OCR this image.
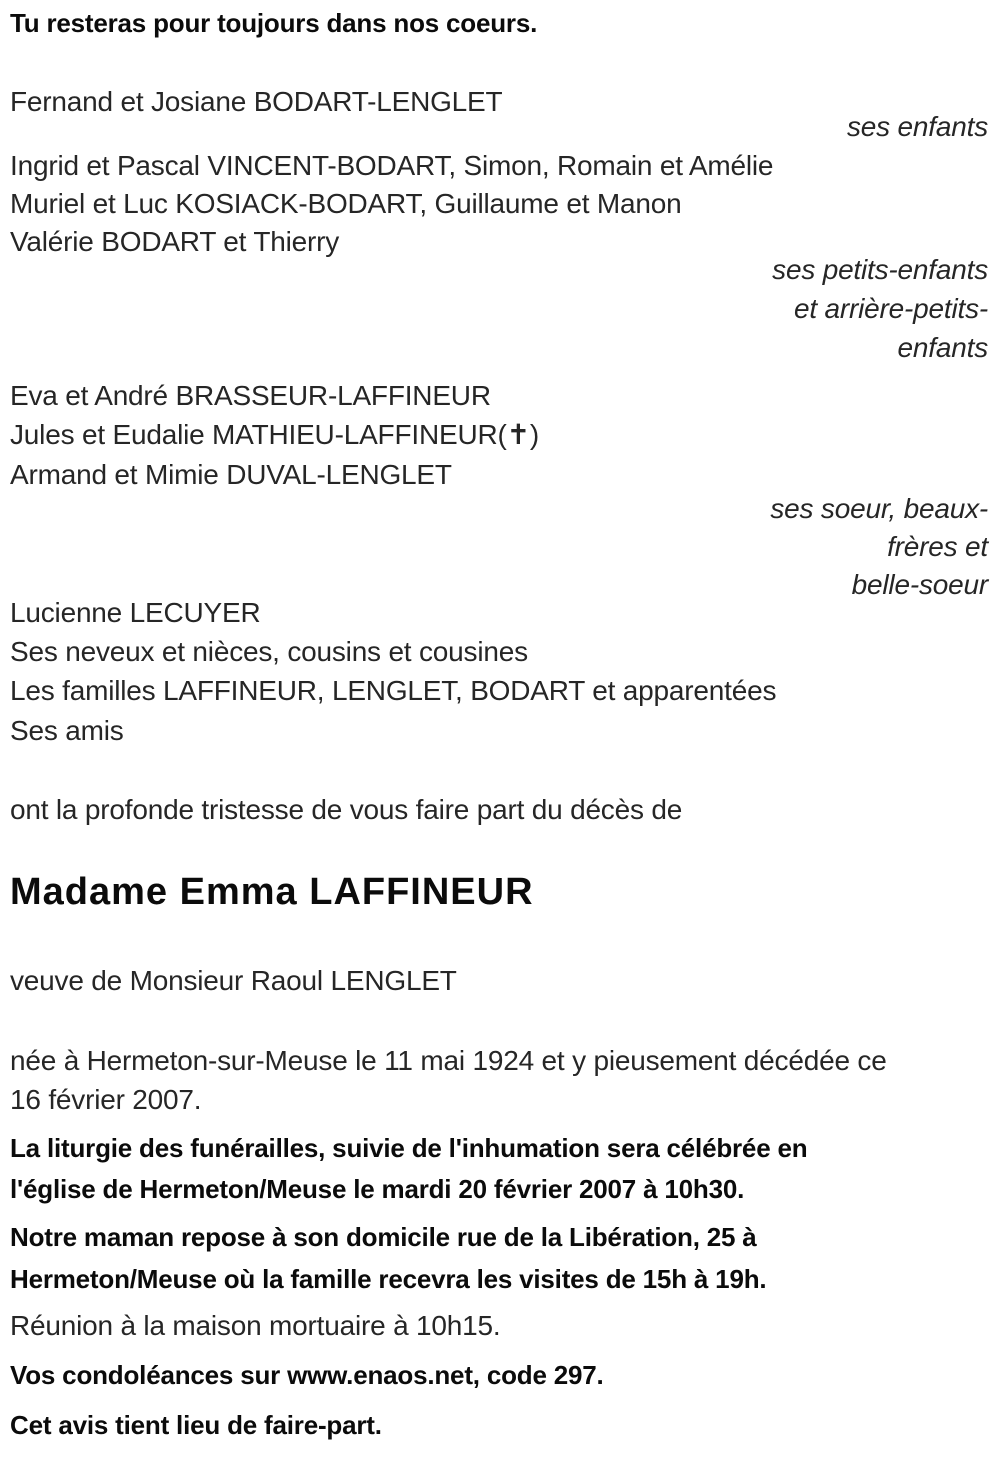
Tu resteras pour toujours dans nos coeurs.
Fernand et Josiane BODART-LENGLET
ses enfants
Ingrid et Pascal VINCENT-BODART, Simon, Romain et Amélie
Muriel et Luc KOSIACK-BODART, Guillaume et Manon
Valérie BODART et Thierry
ses petits-enfants
et arrière-petits-
enfants
Eva et André BRASSEUR-LAFFINEUR
Jules et Eudalie MATHIEU-LAFFINEUR(✝)
Armand et Mimie DUVAL-LENGLET
ses soeur, beaux-
frères et
belle-soeur
Lucienne LECUYER
Ses neveux et nièces, cousins et cousines
Les familles LAFFINEUR, LENGLET, BODART et apparentées
Ses amis
ont la profonde tristesse de vous faire part du décès de
Madame Emma LAFFINEUR
veuve de Monsieur Raoul LENGLET
née à Hermeton-sur-Meuse le 11 mai 1924 et y pieusement décédée ce
16 février 2007.
La liturgie des funérailles, suivie de l'inhumation sera célébrée en
l'église de Hermeton/Meuse le mardi 20 février 2007 à 10h30.
Notre maman repose à son domicile rue de la Libération, 25 à
Hermeton/Meuse où la famille recevra les visites de 15h à 19h.
Réunion à la maison mortuaire à 10h15.
Vos condoléances sur www.enaos.net, code 297.
Cet avis tient lieu de faire-part.
